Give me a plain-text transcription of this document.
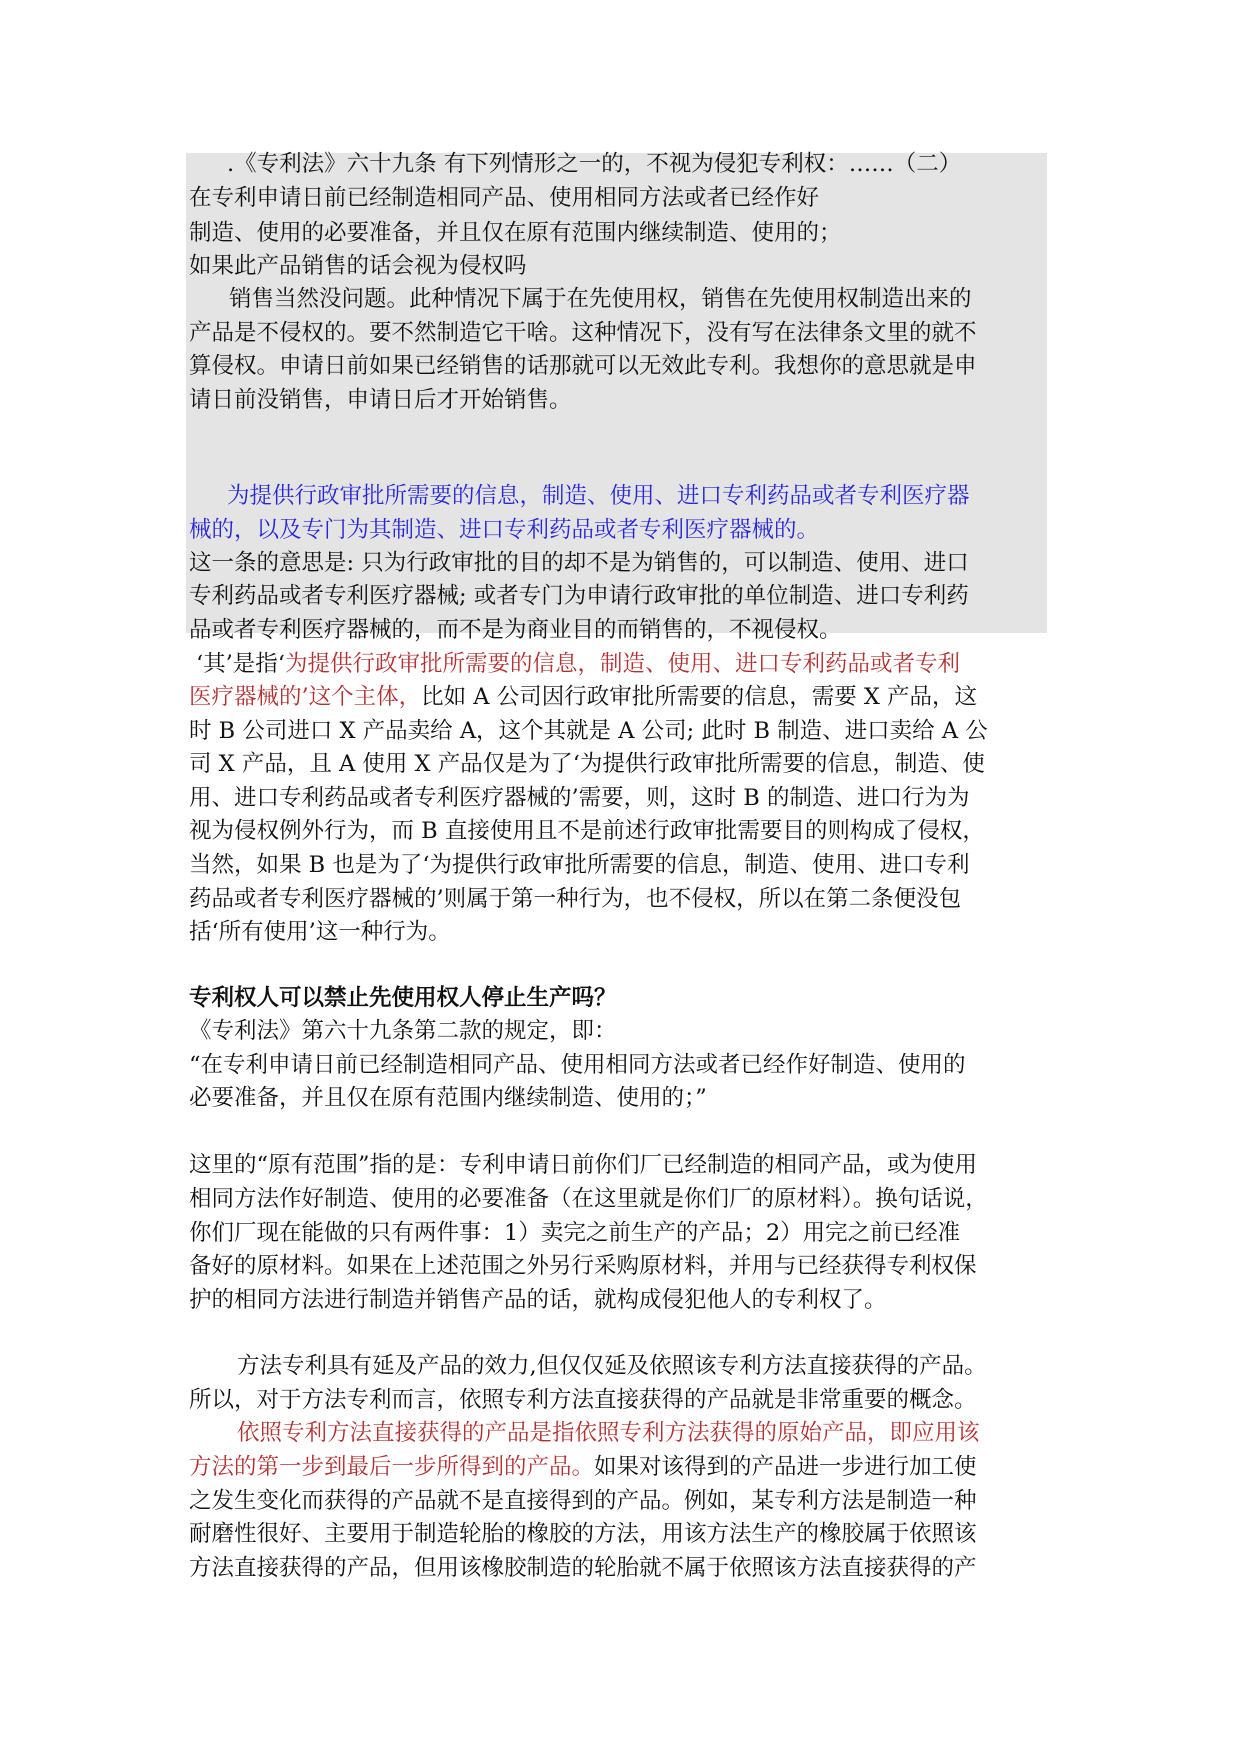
.《专利法》六十九条 有下列情形之一的，不视为侵犯专利权：……（二）
在专利申请日前已经制造相同产品、使用相同方法或者已经作好
制造、使用的必要准备，并且仅在原有范围内继续制造、使用的；
如果此产品销售的话会视为侵权吗
销售当然没问题。此种情况下属于在先使用权，销售在先使用权制造出来的
产品是不侵权的。要不然制造它干啥。这种情况下，没有写在法律条文里的就不
算侵权。申请日前如果已经销售的话那就可以无效此专利。我想你的意思就是申
请日前没销售，申请日后才开始销售。
为提供行政审批所需要的信息，制造、使用、进口专利药品或者专利医疗器
械的，以及专门为其制造、进口专利药品或者专利医疗器械的。
这一条的意思是: 只为行政审批的目的却不是为销售的，可以制造、使用、进口
专利药品或者专利医疗器械; 或者专门为申请行政审批的单位制造、进口专利药
品或者专利医疗器械的，而不是为商业目的而销售的，不视侵权。
‘其’是指‘为提供行政审批所需要的信息，制造、使用、进口专利药品或者专利
医疗器械的’这个主体，比如 A 公司因行政审批所需要的信息，需要 X 产品，这
时 B 公司进口 X 产品卖给 A，这个其就是 A 公司; 此时 B 制造、进口卖给 A 公
司 X 产品，且 A 使用 X 产品仅是为了‘为提供行政审批所需要的信息，制造、使
用、进口专利药品或者专利医疗器械的’需要，则，这时 B 的制造、进口行为为
视为侵权例外行为，而 B 直接使用且不是前述行政审批需要目的则构成了侵权，
当然，如果 B 也是为了‘为提供行政审批所需要的信息，制造、使用、进口专利
药品或者专利医疗器械的’则属于第一种行为，也不侵权，所以在第二条便没包
括‘所有使用’这一种行为。
专利权人可以禁止先使用权人停止生产吗？
《专利法》第六十九条第二款的规定，即：
“在专利申请日前已经制造相同产品、使用相同方法或者已经作好制造、使用的
必要准备，并且仅在原有范围内继续制造、使用的；”
这里的“原有范围”指的是：专利申请日前你们厂已经制造的相同产品，或为使用
相同方法作好制造、使用的必要准备（在这里就是你们厂的原材料）。换句话说，
你们厂现在能做的只有两件事：1）卖完之前生产的产品；2）用完之前已经准
备好的原材料。如果在上述范围之外另行采购原材料，并用与已经获得专利权保
护的相同方法进行制造并销售产品的话，就构成侵犯他人的专利权了。
方法专利具有延及产品的效力,但仅仅延及依照该专利方法直接获得的产品。
所以，对于方法专利而言，依照专利方法直接获得的产品就是非常重要的概念。
依照专利方法直接获得的产品是指依照专利方法获得的原始产品，即应用该
方法的第一步到最后一步所得到的产品。如果对该得到的产品进一步进行加工使
之发生变化而获得的产品就不是直接得到的产品。例如，某专利方法是制造一种
耐磨性很好、主要用于制造轮胎的橡胶的方法，用该方法生产的橡胶属于依照该
方法直接获得的产品，但用该橡胶制造的轮胎就不属于依照该方法直接获得的产
